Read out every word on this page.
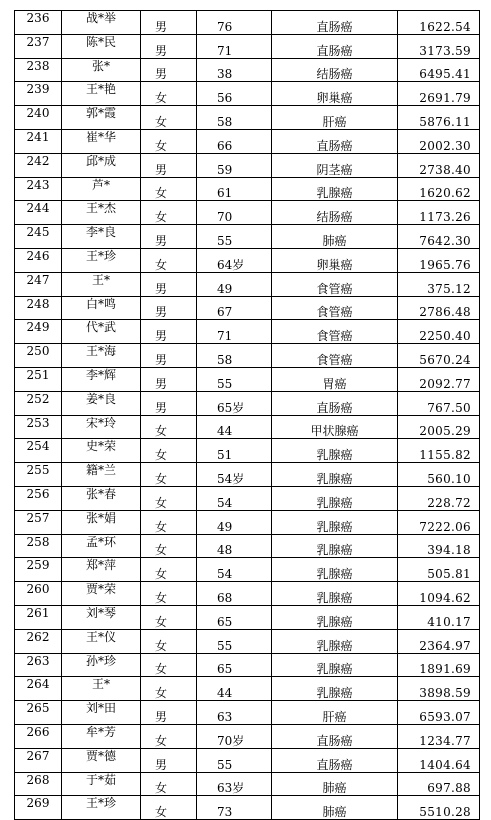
236	战*举	男	76	直肠癌	1622.54
237	陈*民	男	71	直肠癌	3173.59
238	张*	男	38	结肠癌	6495.41
239	王*艳	女	56	卵巢癌	2691.79
240	郭*霞	女	58	肝癌	5876.11
241	崔*华	女	66	直肠癌	2002.30
242	邱*成	男	59	阴茎癌	2738.40
243	芦*	女	61	乳腺癌	1620.62
244	王*杰	女	70	结肠癌	1173.26
245	李*良	男	55	肺癌	7642.30
246	王*珍	女	64岁	卵巢癌	1965.76
247	王*	男	49	食管癌	375.12
248	白*鸣	男	67	食管癌	2786.48
249	代*武	男	71	食管癌	2250.40
250	王*海	男	58	食管癌	5670.24
251	李*辉	男	55	胃癌	2092.77
252	姜*良	男	65岁	直肠癌	767.50
253	宋*玲	女	44	甲状腺癌	2005.29
254	史*荣	女	51	乳腺癌	1155.82
255	籍*兰	女	54岁	乳腺癌	560.10
256	张*春	女	54	乳腺癌	228.72
257	张*娟	女	49	乳腺癌	7222.06
258	孟*环	女	48	乳腺癌	394.18
259	郑*萍	女	54	乳腺癌	505.81
260	贾*荣	女	68	乳腺癌	1094.62
261	刘*琴	女	65	乳腺癌	410.17
262	王*仪	女	55	乳腺癌	2364.97
263	孙*珍	女	65	乳腺癌	1891.69
264	王*	女	44	乳腺癌	3898.59
265	刘*田	男	63	肝癌	6593.07
266	牟*芳	女	70岁	直肠癌	1234.77
267	贾*德	男	55	直肠癌	1404.64
268	于*茹	女	63岁	肺癌	697.88
269	王*珍	女	73	肺癌	5510.28
